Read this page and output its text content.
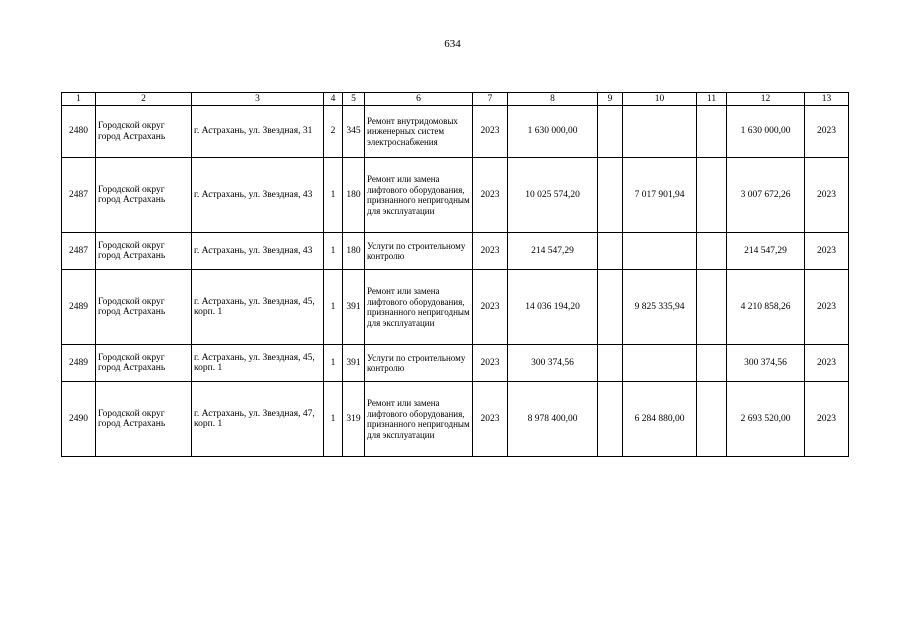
634
1	2	3	4	5	6	7	8	9	10	11	12	13
2480	Городской округ город Астрахань	г. Астрахань, ул. Звездная, 31	2	345	Ремонт внутридомовых инженерных систем электроснабжения	2023	1 630 000,00				1 630 000,00	2023
2487	Городской округ город Астрахань	г. Астрахань, ул. Звездная, 43	1	180	Ремонт или замена лифтового оборудования, признанного непригодным для эксплуатации	2023	10 025 574,20		7 017 901,94		3 007 672,26	2023
2487	Городской округ город Астрахань	г. Астрахань, ул. Звездная, 43	1	180	Услуги по строительному контролю	2023	214 547,29				214 547,29	2023
2489	Городской округ город Астрахань	г. Астрахань, ул. Звездная, 45, корп. 1	1	391	Ремонт или замена лифтового оборудования, признанного непригодным для эксплуатации	2023	14 036 194,20		9 825 335,94		4 210 858,26	2023
2489	Городской округ город Астрахань	г. Астрахань, ул. Звездная, 45, корп. 1	1	391	Услуги по строительному контролю	2023	300 374,56				300 374,56	2023
2490	Городской округ город Астрахань	г. Астрахань, ул. Звездная, 47, корп. 1	1	319	Ремонт или замена лифтового оборудования, признанного непригодным для эксплуатации	2023	8 978 400,00		6 284 880,00		2 693 520,00	2023
